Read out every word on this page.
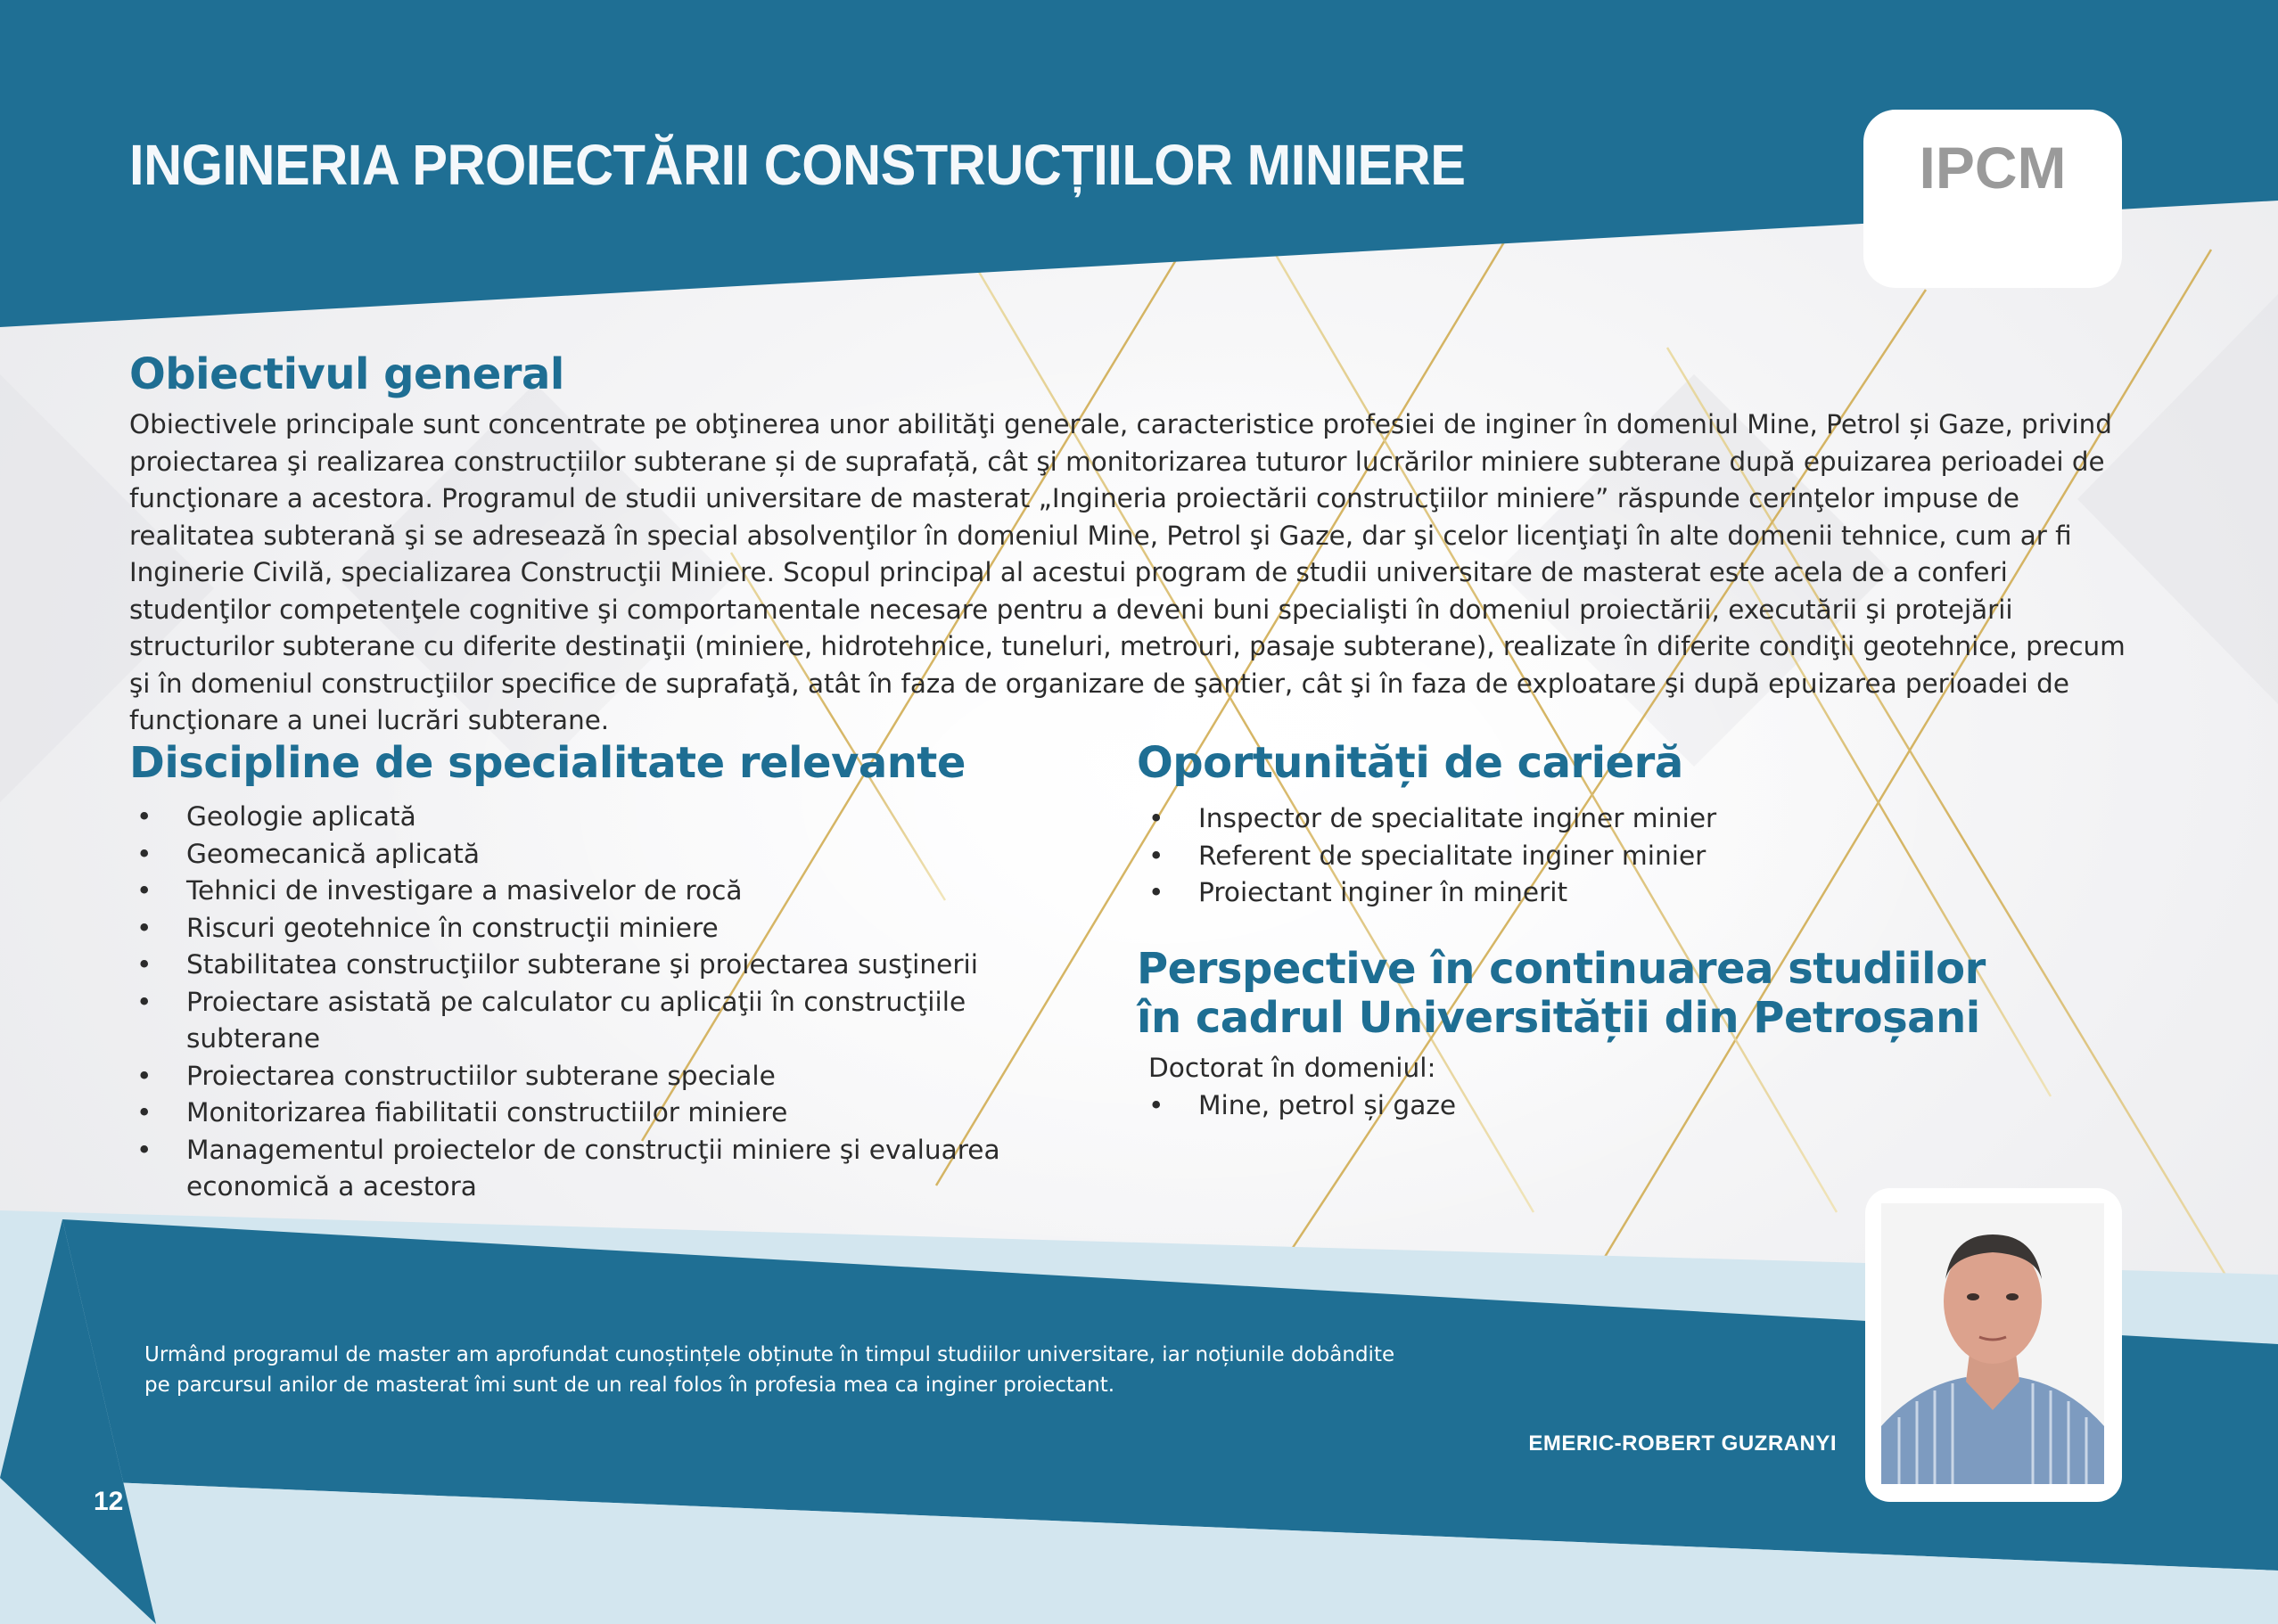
INGINERIA PROIECTĂRII CONSTRUCȚIILOR MINIERE	IPCM
Obiectivul general

Obiectivele principale sunt concentrate pe obţinerea unor abilităţi generale, caracteristice profesiei de inginer în domeniul Mine, Petrol și Gaze, privind proiectarea şi realizarea construcțiilor subterane și de suprafață, cât şi monitorizarea tuturor lucrărilor miniere subterane după epuizarea perioadei de funcţionare a acestora. Programul de studii universitare de masterat „Ingineria proiectării construcţiilor miniere” răspunde cerinţelor impuse de realitatea subterană şi se adresează în special absolvenţilor în domeniul Mine, Petrol şi Gaze, dar şi celor licenţiaţi în alte domenii tehnice, cum ar fi Inginerie Civilă, specializarea Construcţii Miniere. Scopul principal al acestui program de studii universitare de masterat este acela de a conferi studenţilor competenţele cognitive şi comportamentale necesare pentru a deveni buni specialişti în domeniul proiectării, executării şi protejării structurilor subterane cu diferite destinaţii (miniere, hidrotehnice, tuneluri, metrouri, pasaje subterane), realizate în diferite condiţii geotehnice, precum şi în domeniul construcţiilor specifice de suprafaţă, atât în faza de organizare de şantier, cât şi în faza de exploatare şi după epuizarea perioadei de funcţionare a unei lucrări subterane.

Discipline de specialitate relevante
• Geologie aplicată
• Geomecanică aplicată
• Tehnici de investigare a masivelor de rocă
• Riscuri geotehnice în construcţii miniere
• Stabilitatea construcţiilor subterane şi proiectarea susţinerii
• Proiectare asistată pe calculator cu aplicaţii în construcţiile subterane
• Proiectarea constructiilor subterane speciale
• Monitorizarea fiabilitatii constructiilor miniere
• Managementul proiectelor de construcţii miniere şi evaluarea economică a acestora
Oportunități de carieră
• Inspector de specialitate inginer minier
• Referent de specialitate inginer minier
• Proiectant inginer în minerit
Perspective în continuarea studiilor
în cadrul Universității din Petroșani
Doctorat în domeniul:
• Mine, petrol și gaze

Urmând programul de master am aprofundat cunoștințele obținute în timpul studiilor universitare, iar noțiunile dobândite
pe parcursul anilor de masterat îmi sunt de un real folos în profesia mea ca inginer proiectant.

EMERIC-ROBERT GUZRANYI
12
